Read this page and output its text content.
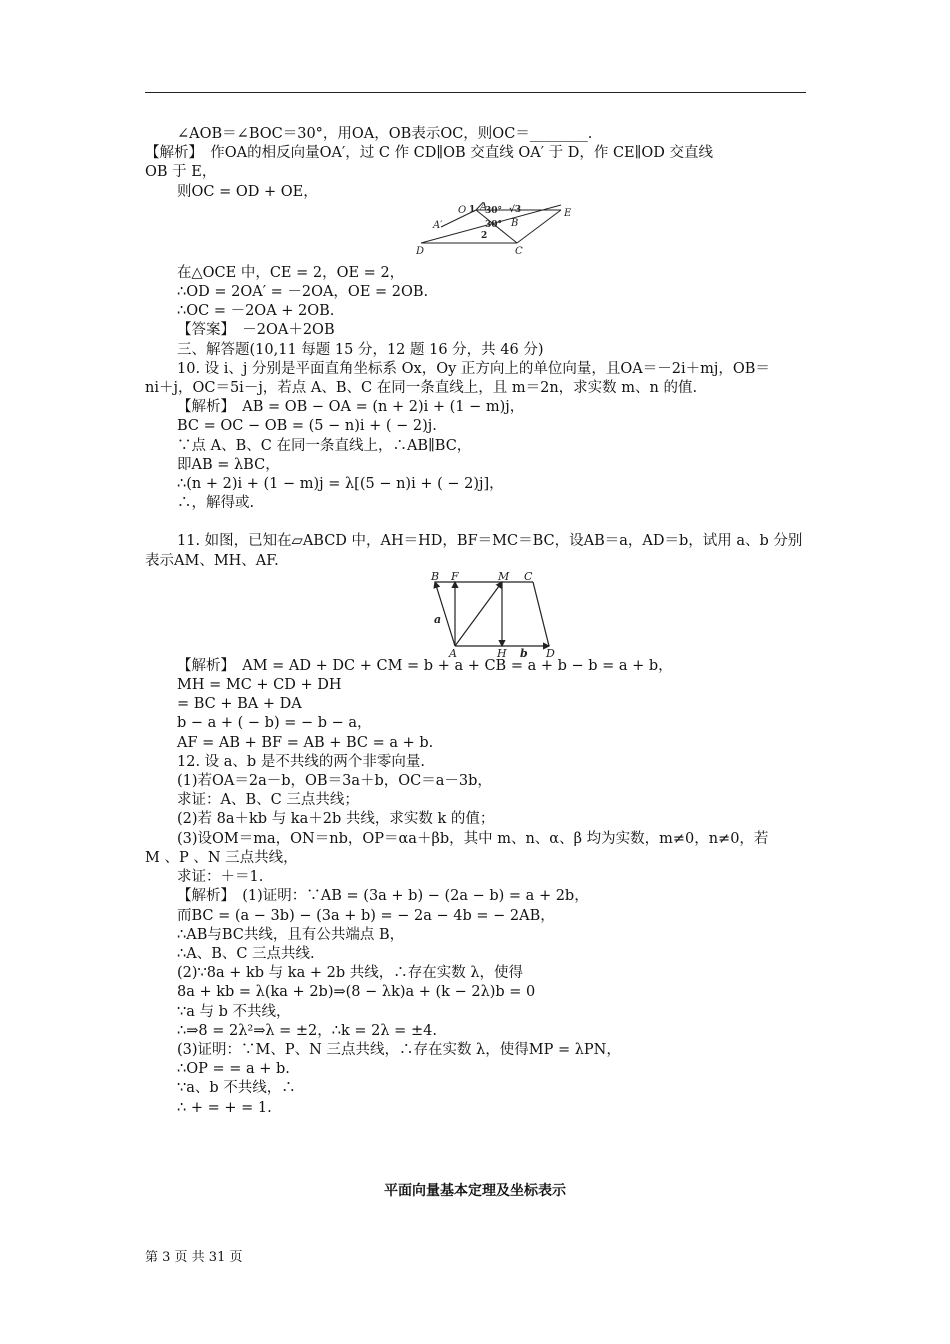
∠AOB＝∠BOC＝30°，用OA，OB表示OC，则OC＝________.
【解析】　作OA的相反向量OA′，过 C 作 CD∥OB 交直线 OA′ 于 D，作 CE∥OD 交直线
OB 于 E，
则OC = OD + OE，
O A
A′	B
C
D
E
1
2
√3
30°
30°
在△OCE 中，CE = 2，OE = 2，
∴OD = 2OA′ = －2OA，OE = 2OB.
∴OC = －2OA + 2OB.
【答案】　－2OA＋2OB
三、解答题(10,11 每题 15 分，12 题 16 分，共 46 分)
10. 设 i、j 分别是平面直角坐标系 Ox，Oy 正方向上的单位向量，且OA＝－2i＋mj，OB＝
ni＋j，OC＝5i－j，若点 A、B、C 在同一条直线上，且 m＝2n，求实数 m、n 的值.
【解析】　AB = OB − OA = (n + 2)i + (1 − m)j，
BC = OC − OB = (5 − n)i + ( − 2)j.
∵点 A、B、C 在同一条直线上，∴AB∥BC，
即AB = λBC，
∴(n + 2)i + (1 − m)j = λ[(5 − n)i + ( − 2)j]，
∴，解得或.
11. 如图，已知在▱ABCD 中，AH＝HD，BF＝MC＝BC，设AB＝a，AD＝b，试用 a、b 分别
表示AM、MH、AF.
B F	M C
A	H	D
a
b
【解析】　AM = AD + DC + CM = b + a + CB = a + b − b = a + b，
MH = MC + CD + DH
= BC + BA + DA
b − a + ( − b) = − b − a，
AF = AB + BF = AB + BC = a + b.
12. 设 a、b 是不共线的两个非零向量.
(1)若OA＝2a－b，OB＝3a＋b，OC＝a－3b，
求证：A、B、C 三点共线；
(2)若 8a＋kb 与 ka＋2b 共线，求实数 k 的值；
(3)设OM＝ma，ON＝nb，OP＝αa＋βb，其中 m、n、α、β 均为实数，m≠0，n≠0，若
M 、P 、N 三点共线，
求证：＋＝1.
【解析】　(1)证明：∵AB = (3a + b) − (2a − b) = a + 2b，
而BC = (a − 3b) − (3a + b) = − 2a − 4b = − 2AB，
∴AB与BC共线，且有公共端点 B，
∴A、B、C 三点共线.
(2)∵8a + kb 与 ka + 2b 共线，∴存在实数 λ，使得
8a + kb = λ(ka + 2b)⇒(8 − λk)a + (k − 2λ)b = 0
∵a 与 b 不共线，
∴⇒8 = 2λ²⇒λ = ±2，∴k = 2λ = ±4.
(3)证明：∵M、P、N 三点共线，∴存在实数 λ，使得MP = λPN，
∴OP = = a + b.
∵a、b 不共线，∴
∴ + = + = 1.
平面向量基本定理及坐标表示
第 3 页 共 31 页
